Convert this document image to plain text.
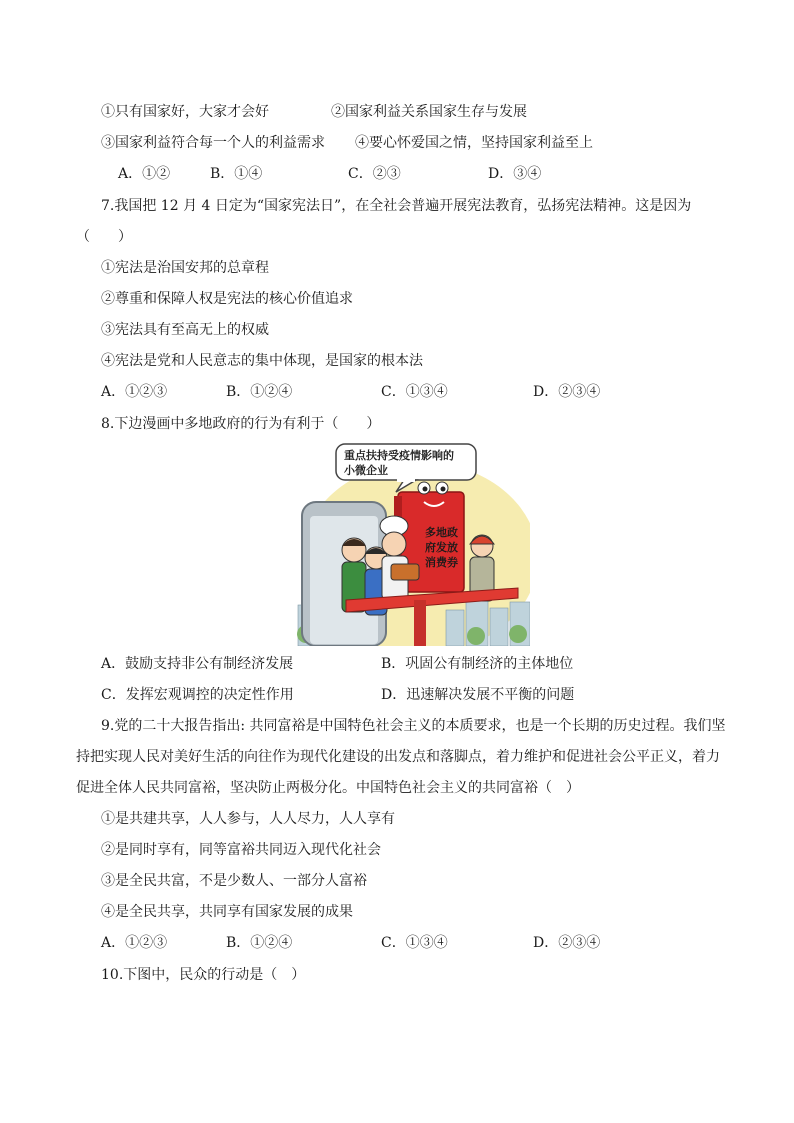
①只有国家好，大家才会好	②国家利益关系国家生存与发展
③国家利益符合每一个人的利益需求 ④要心怀爱国之情，坚持国家利益至上
A．①②	B．①④	C．②③	D．③④
7.我国把 12 月 4 日定为“国家宪法日”，在全社会普遍开展宪法教育，弘扬宪法精神。这是因为
（　　）
①宪法是治国安邦的总章程
②尊重和保障人权是宪法的核心价值追求
③宪法具有至高无上的权威
④宪法是党和人民意志的集中体现，是国家的根本法
A．①②③	B．①②④	C．①③④	D．②③④
8.下边漫画中多地政府的行为有利于（　　）
重点扶持受疫情影响的
小微企业
多地政
府发放
消费券
A．鼓励支持非公有制经济发展	B．巩固公有制经济的主体地位
C．发挥宏观调控的决定性作用	D．迅速解决发展不平衡的问题
9.党的二十大报告指出: 共同富裕是中国特色社会主义的本质要求，也是一个长期的历史过程。我们坚
持把实现人民对美好生活的向往作为现代化建设的出发点和落脚点，着力维护和促进社会公平正义，着力
促进全体人民共同富裕，坚决防止两极分化。中国特色社会主义的共同富裕（　）
①是共建共享，人人参与，人人尽力，人人享有
②是同时享有，同等富裕共同迈入现代化社会
③是全民共富，不是少数人、一部分人富裕
④是全民共享，共同享有国家发展的成果
A．①②③	B．①②④	C．①③④	D．②③④
10.下图中，民众的行动是（　）
